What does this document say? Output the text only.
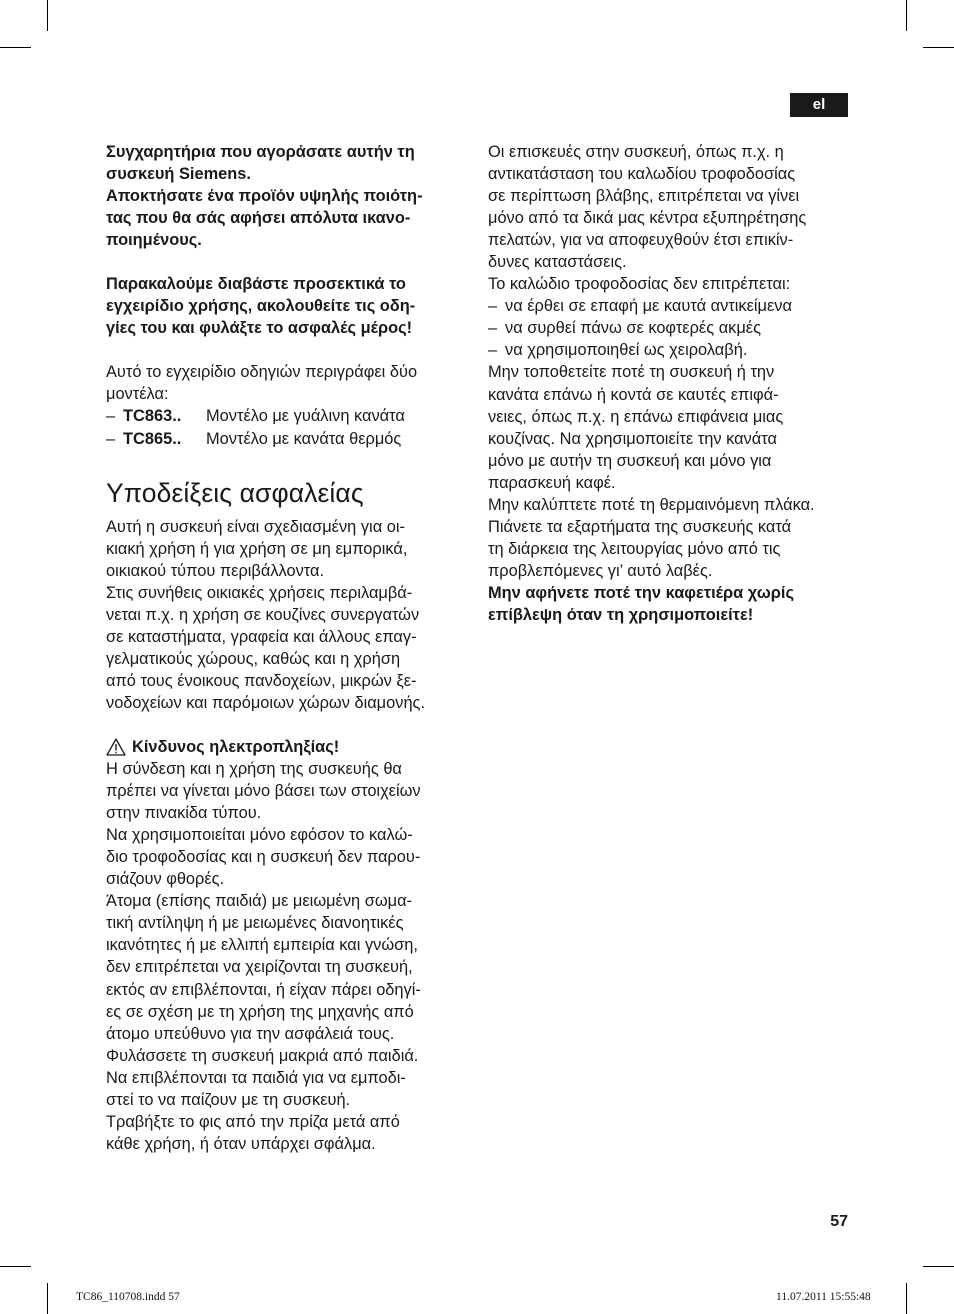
el

Συγχαρητήρια που αγοράσατε αυτήν τη
συσκευή Siemens.

Αποκτήσατε ένα προϊόν υψηλής ποιότη-
τας που θα σάς αφήσει απόλυτα ικανο-
ποιημένους.

Παρακαλούμε διαβάστε προσεκτικά το
εγχειρίδιο χρήσης, ακολουθείτε τις οδη-
γίες του και φυλάξτε το ασφαλές μέρος!

Αυτό το εγχειρίδιο οδηγιών περιγράφει δύο
μοντέλα:

– TC863..	Μοντέλο με γυάλινη κανάτα
– TC865..	Μοντέλο με κανάτα θερμός
Υποδείξεις ασφαλείας

Αυτή η συσκευή είναι σχεδιασμένη για οι-
κιακή χρήση ή για χρήση σε μη εμπορικά,
οικιακού τύπου περιβάλλοντα.

Στις συνήθεις οικιακές χρήσεις περιλαμβά-
νεται π.χ. η χρήση σε κουζίνες συνεργατών
σε καταστήματα, γραφεία και άλλους επαγ-
γελματικούς χώρους, καθώς και η χρήση
από τους ένοικους πανδοχείων, μικρών ξε-
νοδοχείων και παρόμοιων χώρων διαμονής.

Κίνδυνος ηλεκτροπληξίας!

Η σύνδεση και η χρήση της συσκευής θα
πρέπει να γίνεται μόνο βάσει των στοιχείων
στην πινακίδα τύπου.

Να χρησιμοποιείται μόνο εφόσον το καλώ-
διο τροφοδοσίας και η συσκευή δεν παρου-
σιάζουν φθορές.

Άτομα (επίσης παιδιά) με μειωμένη σωμα-
τική αντίληψη ή με μειωμένες διανοητικές
ικανότητες ή με ελλιπή εμπειρία και γνώση,
δεν επιτρέπεται να χειρίζονται τη συσκευή,
εκτός αν επιβλέπονται, ή είχαν πάρει οδηγί-
ες σε σχέση με τη χρήση της μηχανής από
άτομο υπεύθυνο για την ασφάλειά τους.

Φυλάσσετε τη συσκευή μακριά από παιδιά.
Να επιβλέπονται τα παιδιά για να εμποδι-
στεί το να παίζουν με τη συσκευή.

Τραβήξτε το φις από την πρίζα μετά από
κάθε χρήση, ή όταν υπάρχει σφάλμα.

Οι επισκευές στην συσκευή, όπως π.χ. η
αντικατάσταση του καλωδίου τροφοδοσίας
σε περίπτωση βλάβης, επιτρέπεται να γίνει
μόνο από τα δικά μας κέντρα εξυπηρέτησης
πελατών, για να αποφευχθούν έτσι επικίν-
δυνες καταστάσεις.

Το καλώδιο τροφοδοσίας δεν επιτρέπεται:

– να έρθει σε επαφή με καυτά αντικείμενα
– να συρθεί πάνω σε κοφτερές ακμές
– να χρησιμοποιηθεί ως χειρολαβή.

Μην τοποθετείτε ποτέ τη συσκευή ή την
κανάτα επάνω ή κοντά σε καυτές επιφά-
νειες, όπως π.χ. η επάνω επιφάνεια μιας
κουζίνας. Να χρησιμοποιείτε την κανάτα
μόνο με αυτήν τη συσκευή και μόνο για
παρασκευή καφέ.

Μην καλύπτετε ποτέ τη θερμαινόμενη πλάκα.

Πιάνετε τα εξαρτήματα της συσκευής κατά
τη διάρκεια της λειτουργίας μόνο από τις
προβλεπόμενες γι’ αυτό λαβές.

Μην αφήνετε ποτέ την καφετιέρα χωρίς
επίβλεψη όταν τη χρησιμοποιείτε!

57
TC86_110708.indd 57	11.07.2011 15:55:48
